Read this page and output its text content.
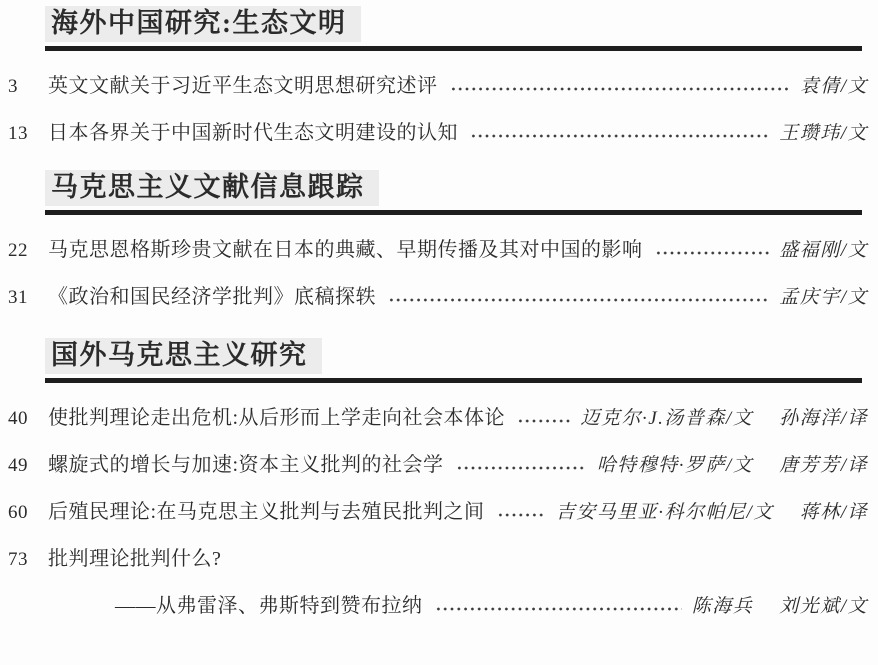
海外中国研究:生态文明
3	英文文献关于习近平生态文明思想研究述评	袁倩/文
13	日本各界关于中国新时代生态文明建设的认知	王瓒玮/文
马克思主义文献信息跟踪
22	马克思恩格斯珍贵文献在日本的典藏、早期传播及其对中国的影响	盛福刚/文
31	《政治和国民经济学批判》底稿探轶	孟庆宇/文
国外马克思主义研究
40	使批判理论走出危机:从后形而上学走向社会本体论	迈克尔·J.汤普森/文 孙海洋/译
49	螺旋式的增长与加速:资本主义批判的社会学	哈特穆特·罗萨/文 唐芳芳/译
60	后殖民理论:在马克思主义批判与去殖民批判之间	吉安马里亚·科尔帕尼/文 蒋林/译
73	批判理论批判什么?
——从弗雷泽、弗斯特到赞布拉纳	陈海兵 刘光斌/文
